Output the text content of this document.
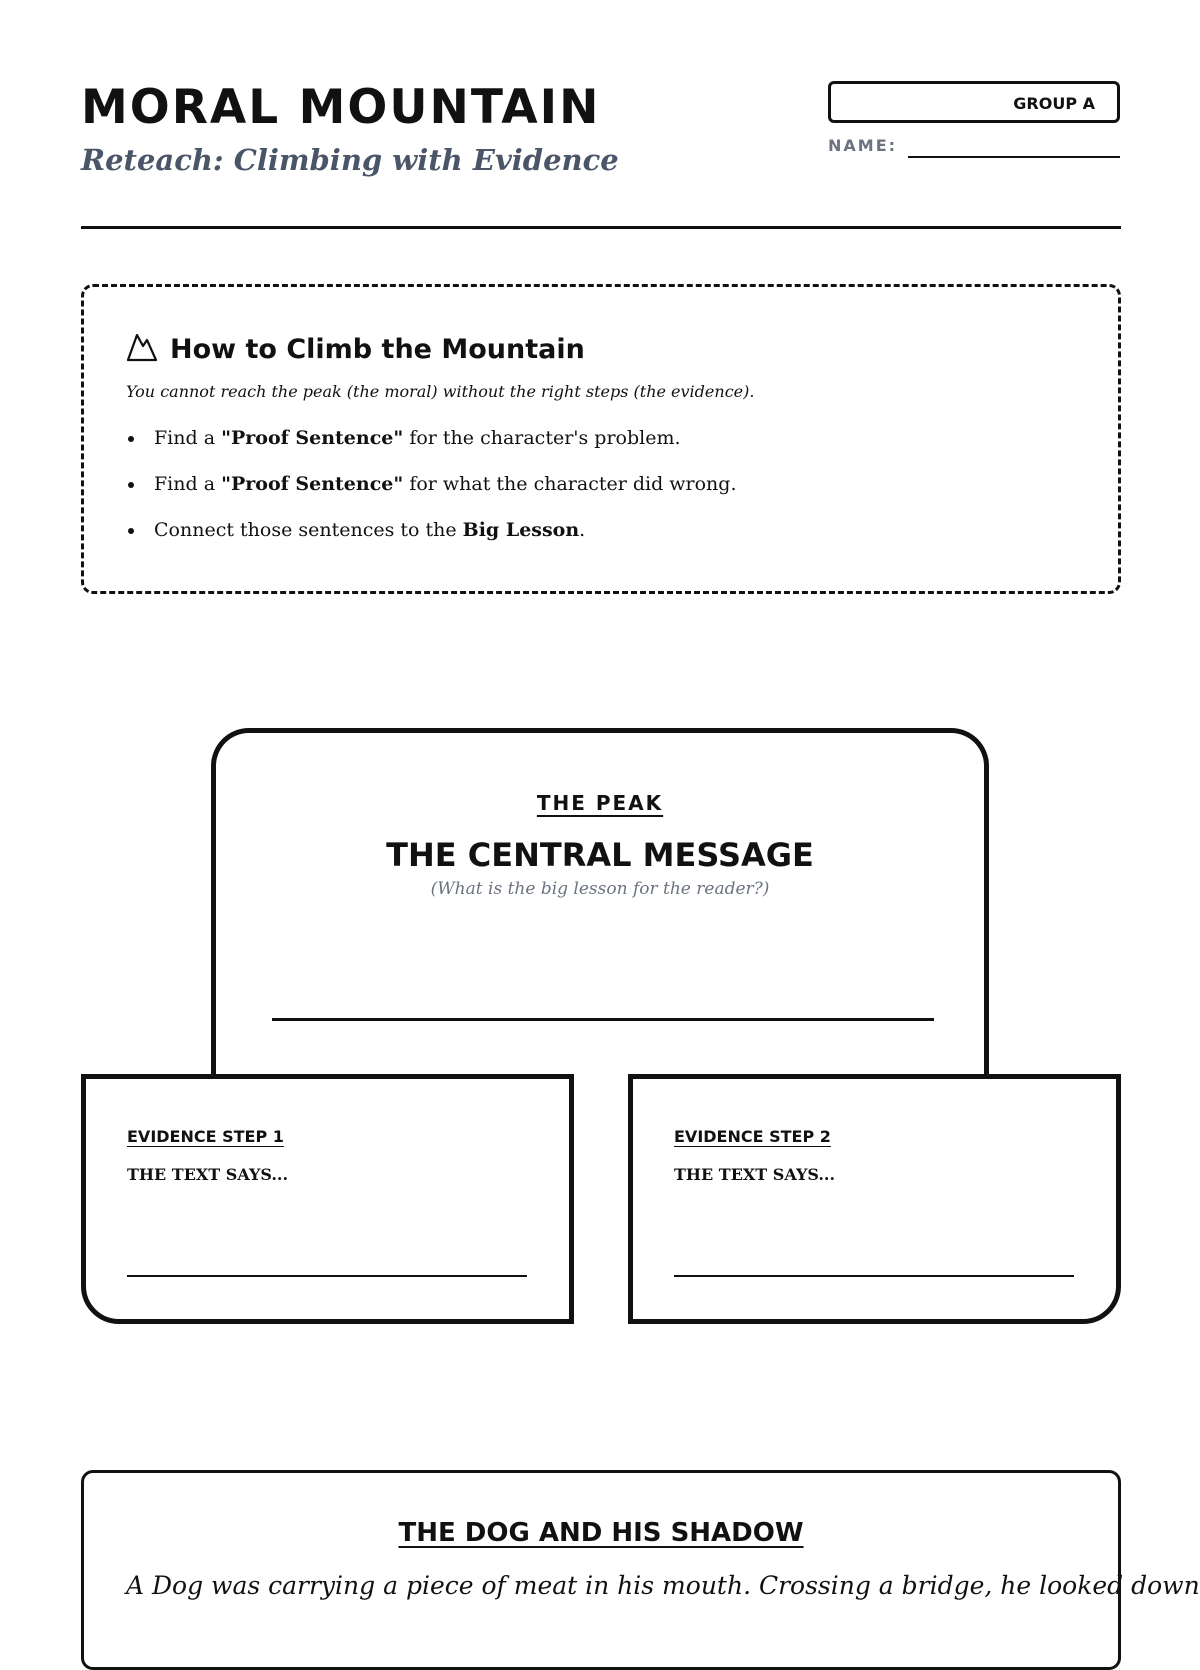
MORAL MOUNTAIN
Reteach: Climbing with Evidence
GROUP A
NAME:
How to Climb the Mountain
You cannot reach the peak (the moral) without the right steps (the evidence).
Find a "Proof Sentence" for the character's problem.
Find a "Proof Sentence" for what the character did wrong.
Connect those sentences to the Big Lesson.
THE PEAK
THE CENTRAL MESSAGE
(What is the big lesson for the reader?)
EVIDENCE STEP 1
THE TEXT SAYS...
EVIDENCE STEP 2
THE TEXT SAYS...
THE DOG AND HIS SHADOW
A Dog was carrying a piece of meat in his mouth. Crossing a bridge, he looked down
